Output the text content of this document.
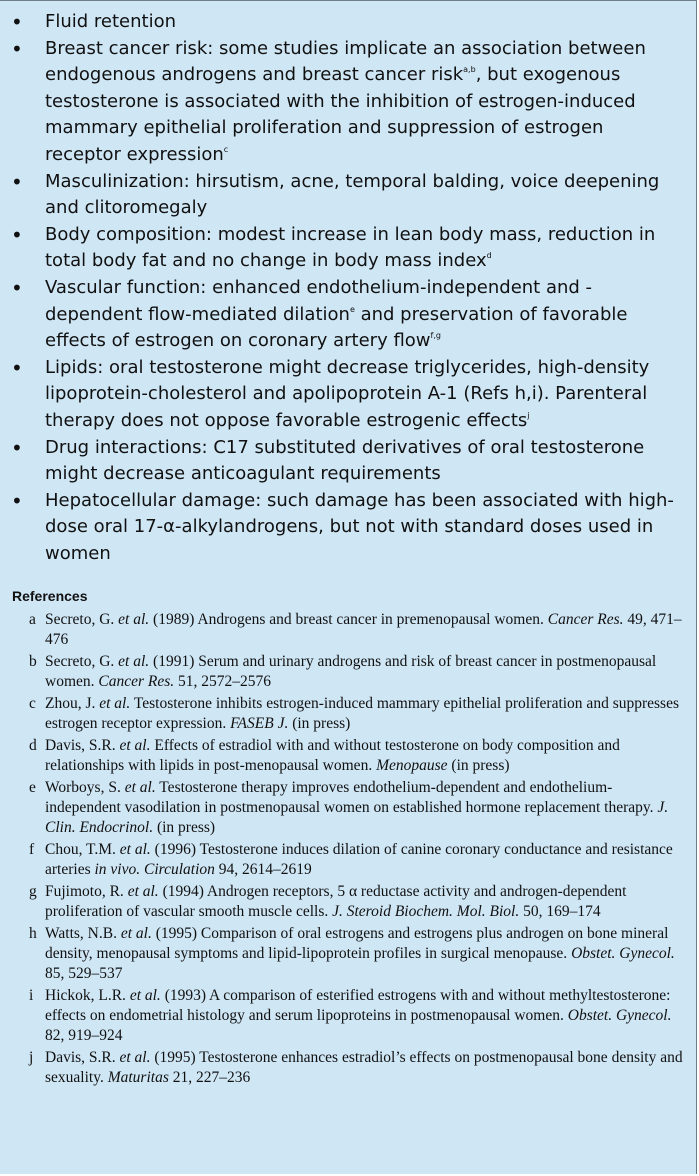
• Fluid retention
• Breast cancer risk: some studies implicate an association between endogenous androgens and breast cancer risk$^{a,b}$, but exogenous testosterone is associated with the inhibition of estrogen-induced mammary epithelial proliferation and suppression of estrogen receptor expression$^c$
• Masculinization: hirsutism, acne, temporal balding, voice deepening and clitoromegaly
• Body composition: modest increase in lean body mass, reduction in total body fat and no change in body mass index$^d$
• Vascular function: enhanced endothelium-independent and -dependent flow-mediated dilation$^e$ and preservation of favorable effects of estrogen on coronary artery flow$^{f,g}$
• Lipids: oral testosterone might decrease triglycerides, high-density lipoprotein-cholesterol and apolipoprotein A-1 (Refs h,i). Parenteral therapy does not oppose favorable estrogenic effects$^j$
• Drug interactions: C17 substituted derivatives of oral testosterone might decrease anticoagulant requirements
• Hepatocellular damage: such damage has been associated with high-dose oral 17-α-alkylandrogens, but not with standard doses used in women
References
a Secreto, G. et al. (1989) Androgens and breast cancer in premenopausal women. Cancer Res. 49, 471–476
b Secreto, G. et al. (1991) Serum and urinary androgens and risk of breast cancer in postmenopausal women. Cancer Res. 51, 2572–2576
c Zhou, J. et al. Testosterone inhibits estrogen-induced mammary epithelial proliferation and suppresses estrogen receptor expression. FASEB J. (in press)
d Davis, S.R. et al. Effects of estradiol with and without testosterone on body composition and relationships with lipids in post-menopausal women. Menopause (in press)
e Worboys, S. et al. Testosterone therapy improves endothelium-dependent and endothelium-independent vasodilation in postmenopausal women on established hormone replacement therapy. J. Clin. Endocrinol. (in press)
f Chou, T.M. et al. (1996) Testosterone induces dilation of canine coronary conductance and resistance arteries in vivo. Circulation 94, 2614–2619
g Fujimoto, R. et al. (1994) Androgen receptors, 5 α reductase activity and androgen-dependent proliferation of vascular smooth muscle cells. J. Steroid Biochem. Mol. Biol. 50, 169–174
h Watts, N.B. et al. (1995) Comparison of oral estrogens and estrogens plus androgen on bone mineral density, menopausal symptoms and lipid-lipoprotein profiles in surgical menopause. Obstet. Gynecol. 85, 529–537
i Hickok, L.R. et al. (1993) A comparison of esterified estrogens with and without methyltestosterone: effects on endometrial histology and serum lipoproteins in postmenopausal women. Obstet. Gynecol. 82, 919–924
j Davis, S.R. et al. (1995) Testosterone enhances estradiol’s effects on postmenopausal bone density and sexuality. Maturitas 21, 227–236
